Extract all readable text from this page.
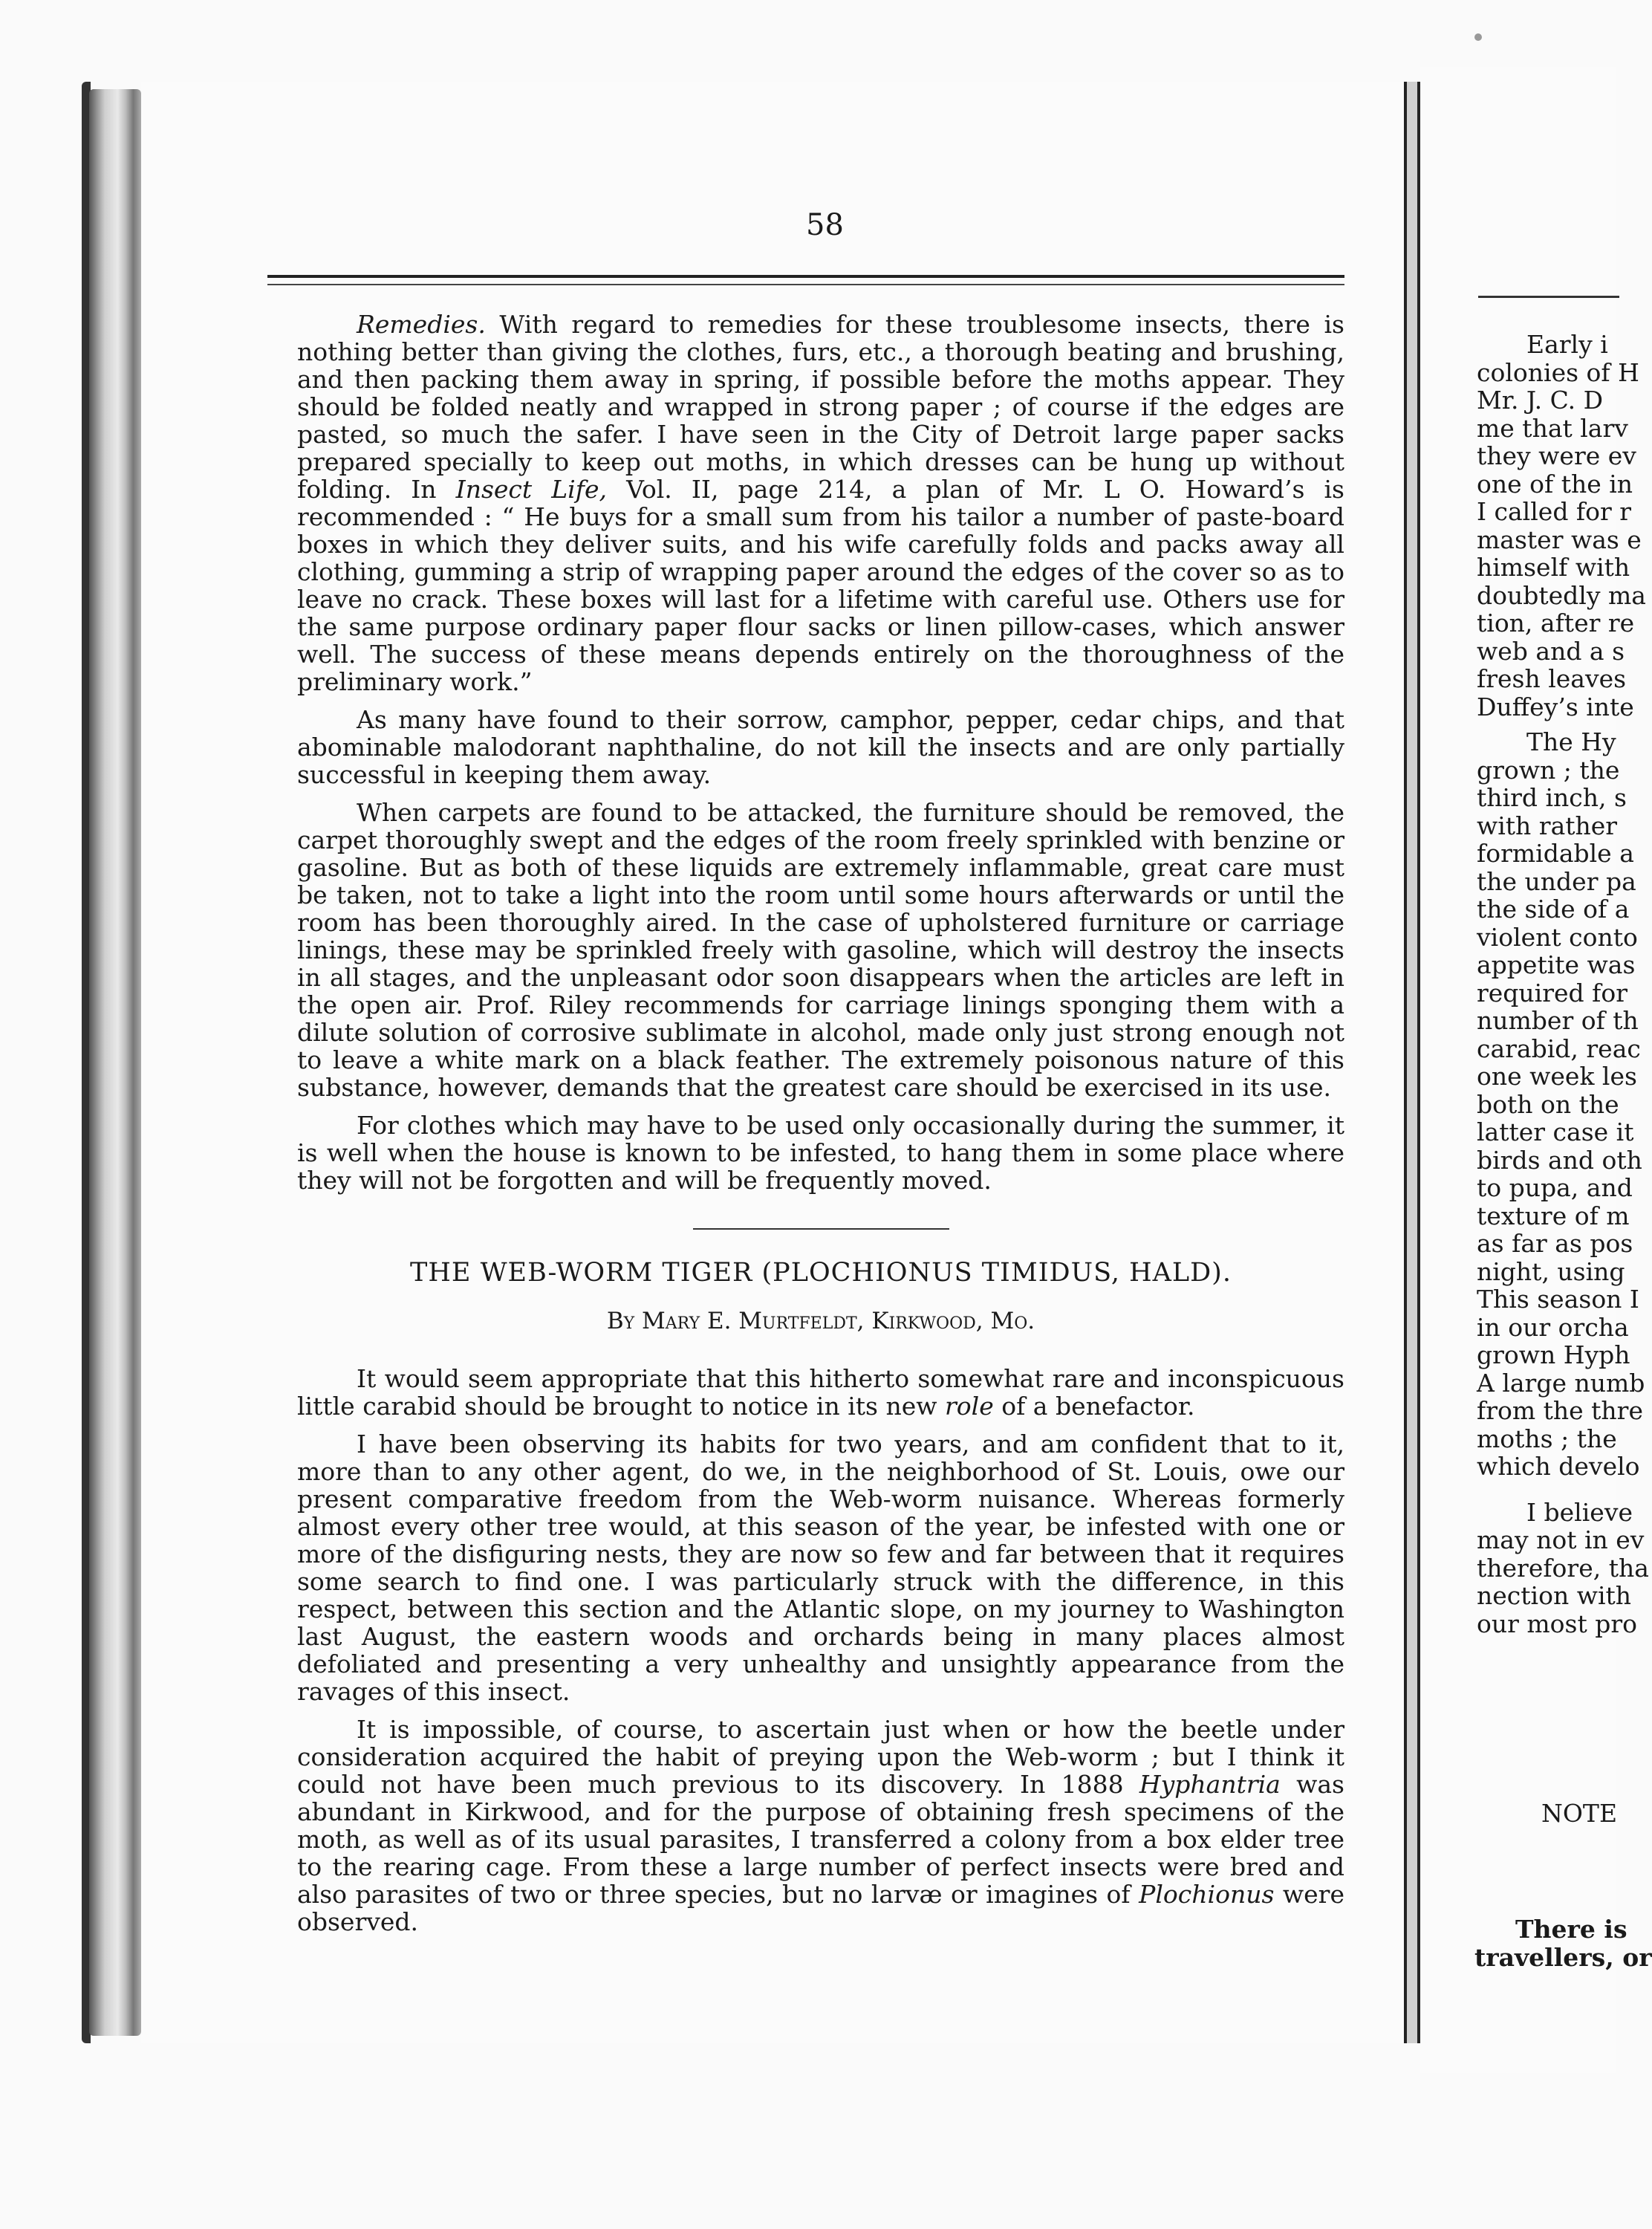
58

Remedies. With regard to remedies for these troublesome insects, there is nothing better than giving the clothes, furs, etc., a thorough beating and brushing, and then packing them away in spring, if possible before the moths appear. They should be folded neatly and wrapped in strong paper ; of course if the edges are pasted, so much the safer. I have seen in the City of Detroit large paper sacks prepared specially to keep out moths, in which dresses can be hung up without folding. In Insect Life, Vol. II, page 214, a plan of Mr. L O. Howard’s is recommended : “ He buys for a small sum from his tailor a number of paste-board boxes in which they deliver suits, and his wife carefully folds and packs away all clothing, gumming a strip of wrapping paper around the edges of the cover so as to leave no crack. These boxes will last for a lifetime with careful use. Others use for the same purpose ordinary paper flour sacks or linen pillow-cases, which answer well. The success of these means depends entirely on the thoroughness of the preliminary work.”

As many have found to their sorrow, camphor, pepper, cedar chips, and that abominable malodorant naphthaline, do not kill the insects and are only partially successful in keeping them away.

When carpets are found to be attacked, the furniture should be removed, the carpet thoroughly swept and the edges of the room freely sprinkled with benzine or gasoline. But as both of these liquids are extremely inflammable, great care must be taken, not to take a light into the room until some hours afterwards or until the room has been thoroughly aired. In the case of upholstered furniture or carriage linings, these may be sprinkled freely with gasoline, which will destroy the insects in all stages, and the unpleasant odor soon disappears when the articles are left in the open air. Prof. Riley recommends for carriage linings sponging them with a dilute solution of corrosive sublimate in alcohol, made only just strong enough not to leave a white mark on a black feather. The extremely poisonous nature of this substance, however, demands that the greatest care should be exercised in its use.

For clothes which may have to be used only occasionally during the summer, it is well when the house is known to be infested, to hang them in some place where they will not be forgotten and will be frequently moved.

THE WEB-WORM TIGER (PLOCHIONUS TIMIDUS, HALD).
By Mary E. Murtfeldt, Kirkwood, Mo.

It would seem appropriate that this hitherto somewhat rare and inconspicuous little carabid should be brought to notice in its new role of a benefactor.

I have been observing its habits for two years, and am confident that to it, more than to any other agent, do we, in the neighborhood of St. Louis, owe our present comparative freedom from the Web-worm nuisance. Whereas formerly almost every other tree would, at this season of the year, be infested with one or more of the disfiguring nests, they are now so few and far between that it requires some search to find one. I was particularly struck with the difference, in this respect, between this section and the Atlantic slope, on my journey to Washington last August, the eastern woods and orchards being in many places almost defoliated and presenting a very unhealthy and unsightly appearance from the ravages of this insect.

It is impossible, of course, to ascertain just when or how the beetle under consideration acquired the habit of preying upon the Web-worm ; but I think it could not have been much previous to its discovery. In 1888 Hyphantria was abundant in Kirkwood, and for the purpose of obtaining fresh specimens of the moth, as well as of its usual parasites, I transferred a colony from a box elder tree to the rearing cage. From these a large number of perfect insects were bred and also parasites of two or three species, but no larvæ or imagines of Plochionus were observed.

Early i
colonies of H
Mr. J. C. D
me that larv
they were ev
one of the in
I called for r
master was e
himself with
doubtedly ma
tion, after re
web and a s
fresh leaves
Duffey’s inte
The Hy
grown ; the
third inch, s
with rather
formidable a
the under pa
the side of a
violent conto
appetite was
required for
number of th
carabid, reac
one week les
both on the
latter case it
birds and oth
to pupa, and
texture of m
as far as pos
night, using
This season I
in our orcha
grown Hyph
A large numb
from the thre
moths ; the
which develo
I believe
may not in ev
therefore, tha
nection with
our most pro
NOTE
There is
travellers, or
